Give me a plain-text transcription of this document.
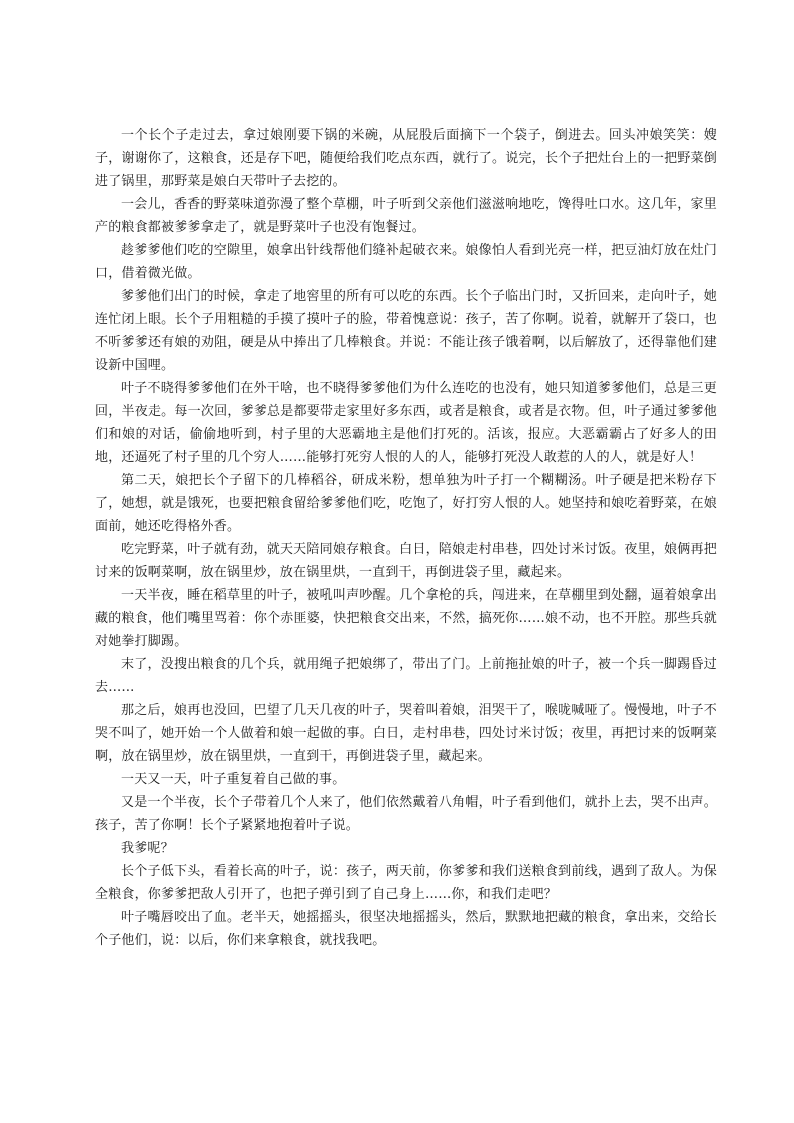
一个长个子走过去，拿过娘刚要下锅的米碗，从屁股后面摘下一个袋子，倒进去。回头冲娘笑笑：嫂子，谢谢你了，这粮食，还是存下吧，随便给我们吃点东西，就行了。说完，长个子把灶台上的一把野菜倒进了锅里，那野菜是娘白天带叶子去挖的。

一会儿，香香的野菜味道弥漫了整个草棚，叶子听到父亲他们滋滋响地吃，馋得吐口水。这几年，家里产的粮食都被爹爹拿走了，就是野菜叶子也没有饱餐过。

趁爹爹他们吃的空隙里，娘拿出针线帮他们缝补起破衣来。娘像怕人看到光亮一样，把豆油灯放在灶门口，借着微光做。

爹爹他们出门的时候，拿走了地窖里的所有可以吃的东西。长个子临出门时，又折回来，走向叶子，她连忙闭上眼。长个子用粗糙的手摸了摸叶子的脸，带着愧意说：孩子，苦了你啊。说着，就解开了袋口，也不听爹爹还有娘的劝阻，硬是从中捧出了几棒粮食。并说：不能让孩子饿着啊，以后解放了，还得靠他们建设新中国哩。

叶子不晓得爹爹他们在外干啥，也不晓得爹爹他们为什么连吃的也没有，她只知道爹爹他们，总是三更回，半夜走。每一次回，爹爹总是都要带走家里好多东西，或者是粮食，或者是衣物。但，叶子通过爹爹他们和娘的对话，偷偷地听到，村子里的大恶霸地主是他们打死的。活该，报应。大恶霸霸占了好多人的田地，还逼死了村子里的几个穷人……能够打死穷人恨的人的人，能够打死没人敢惹的人的人，就是好人！

第二天，娘把长个子留下的几棒稻谷，研成米粉，想单独为叶子打一个糊糊汤。叶子硬是把米粉存下了，她想，就是饿死，也要把粮食留给爹爹他们吃，吃饱了，好打穷人恨的人。她坚持和娘吃着野菜，在娘面前，她还吃得格外香。

吃完野菜，叶子就有劲，就天天陪同娘存粮食。白日，陪娘走村串巷，四处讨米讨饭。夜里，娘俩再把讨来的饭啊菜啊，放在锅里炒，放在锅里烘，一直到干，再倒进袋子里，藏起来。

一天半夜，睡在稻草里的叶子，被吼叫声吵醒。几个拿枪的兵，闯进来，在草棚里到处翻，逼着娘拿出藏的粮食，他们嘴里骂着：你个赤匪婆，快把粮食交出来，不然，搞死你……娘不动，也不开腔。那些兵就对她拳打脚踢。

末了，没搜出粮食的几个兵，就用绳子把娘绑了，带出了门。上前拖扯娘的叶子，被一个兵一脚踢昏过去……

那之后，娘再也没回，巴望了几天几夜的叶子，哭着叫着娘，泪哭干了，喉咙喊哑了。慢慢地，叶子不哭不叫了，她开始一个人做着和娘一起做的事。白日，走村串巷，四处讨米讨饭；夜里，再把讨来的饭啊菜啊，放在锅里炒，放在锅里烘，一直到干，再倒进袋子里，藏起来。

一天又一天，叶子重复着自己做的事。

又是一个半夜，长个子带着几个人来了，他们依然戴着八角帽，叶子看到他们，就扑上去，哭不出声。孩子，苦了你啊！长个子紧紧地抱着叶子说。

我爹呢？

长个子低下头，看着长高的叶子，说：孩子，两天前，你爹爹和我们送粮食到前线，遇到了敌人。为保全粮食，你爹爹把敌人引开了，也把子弹引到了自己身上……你，和我们走吧？

叶子嘴唇咬出了血。老半天，她摇摇头，很坚决地摇摇头，然后，默默地把藏的粮食，拿出来，交给长个子他们，说：以后，你们来拿粮食，就找我吧。
